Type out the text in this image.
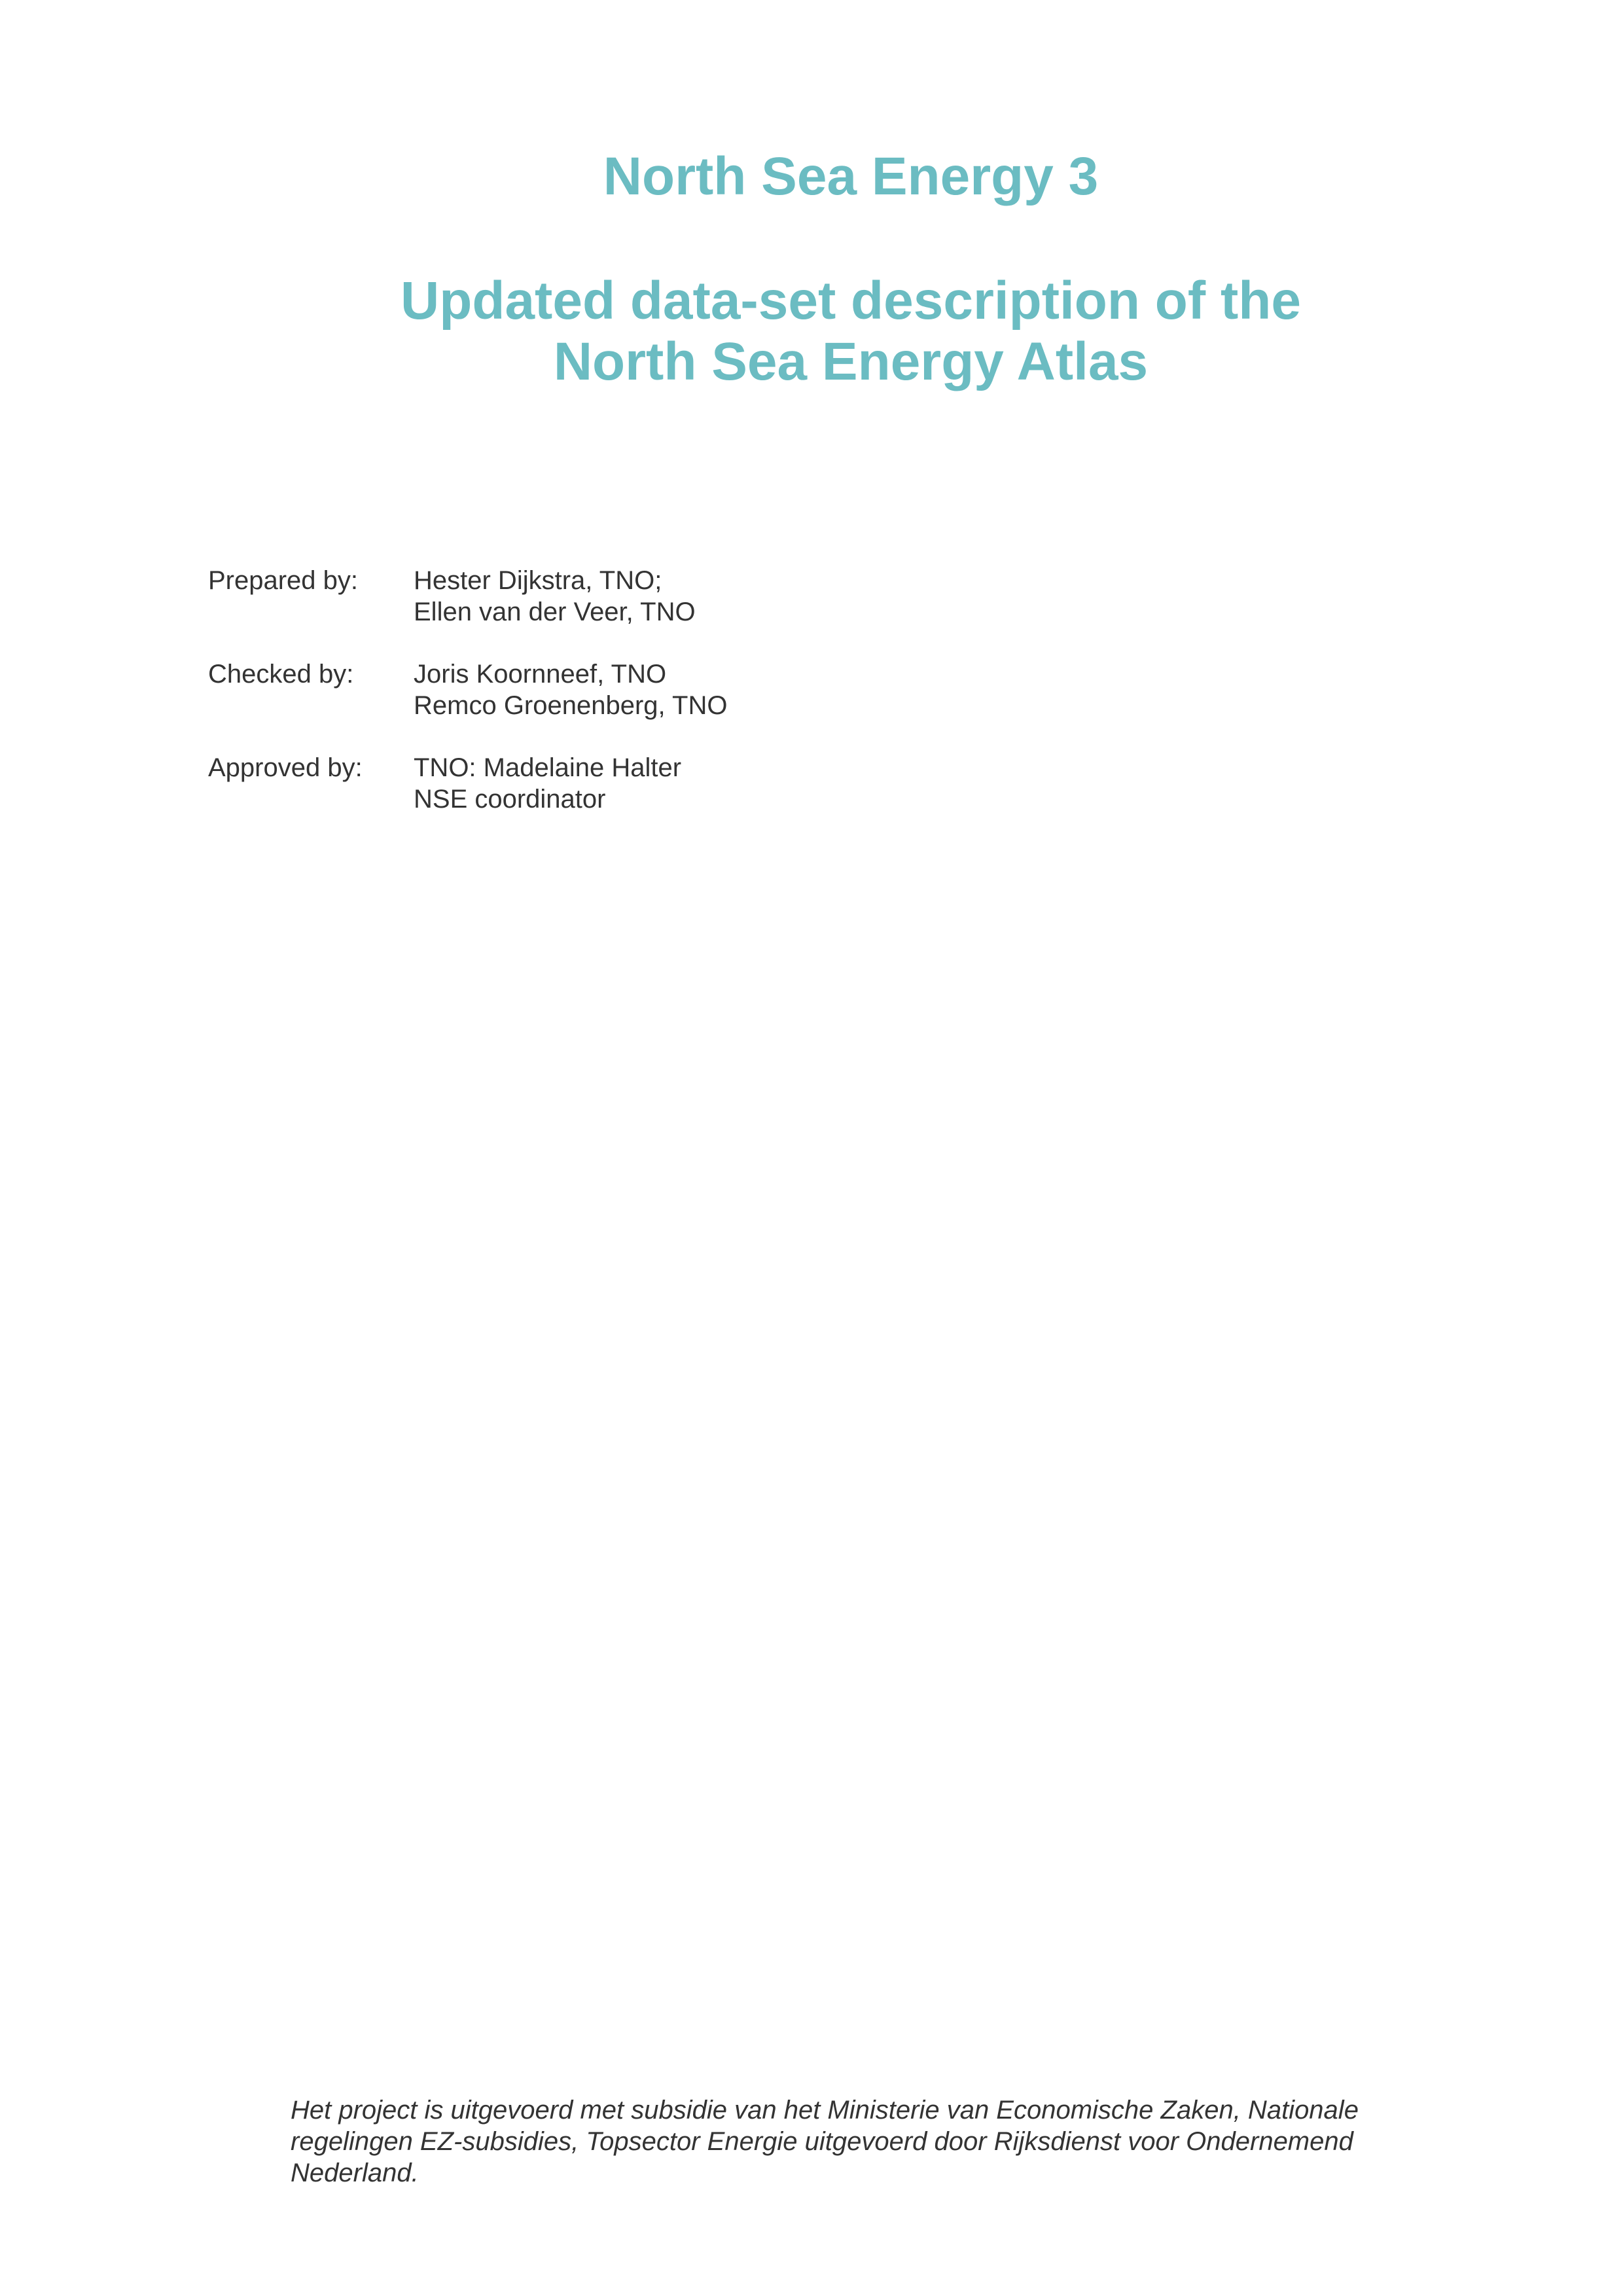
North Sea Energy 3
Updated data-set description of the
North Sea Energy Atlas
Prepared by:	Hester Dijkstra, TNO;
Ellen van der Veer, TNO
Checked by:	Joris Koornneef, TNO
Remco Groenenberg, TNO
Approved by:	TNO: Madelaine Halter
NSE coordinator
Het project is uitgevoerd met subsidie van het Ministerie van Economische Zaken, Nationale
regelingen EZ-subsidies, Topsector Energie uitgevoerd door Rijksdienst voor Ondernemend
Nederland.
